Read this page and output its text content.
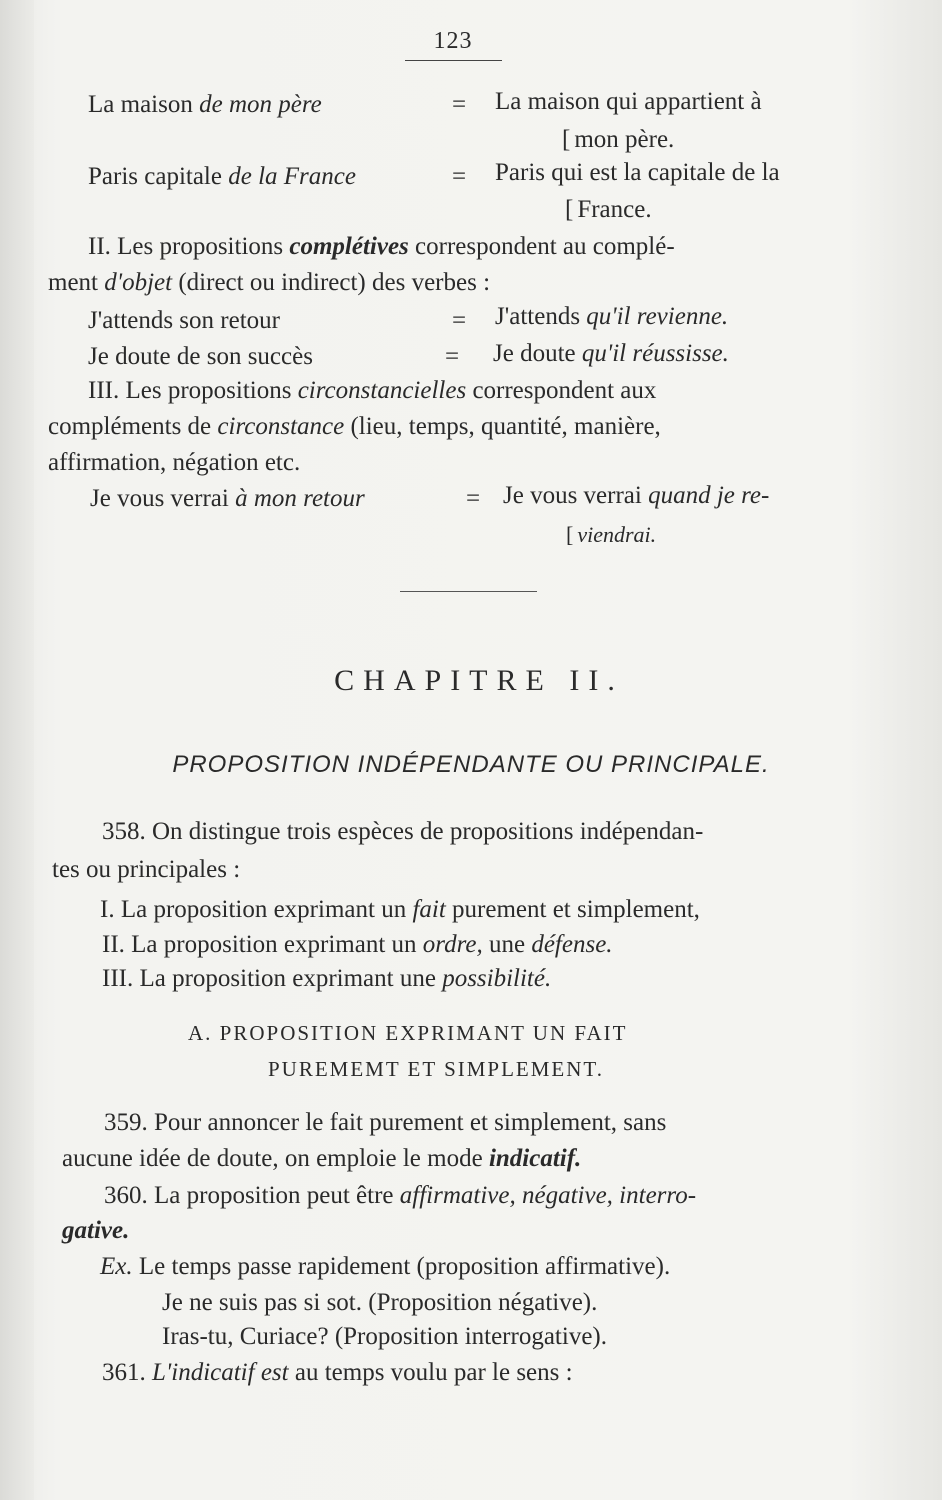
123
La maison de mon père	= La maison qui appartient à
[ mon père.
Paris capitale de la France	= Paris qui est la capitale de la
[ France.
II. Les propositions complétives correspondent au complé-
ment d'objet (direct ou indirect) des verbes :
J'attends son retour	= J'attends qu'il revienne.
Je doute de son succès	= Je doute qu'il réussisse.
III. Les propositions circonstancielles correspondent aux
compléments de circonstance (lieu, temps, quantité, manière,
affirmation, négation etc.
Je vous verrai à mon retour	= Je vous verrai quand je re-
[ viendrai.
CHAPITRE II.
PROPOSITION INDÉPENDANTE OU PRINCIPALE.
358. On distingue trois espèces de propositions indépendan-
tes ou principales :
I. La proposition exprimant un fait purement et simplement,
II. La proposition exprimant un ordre, une défense.
III. La proposition exprimant une possibilité.
A. PROPOSITION EXPRIMANT UN FAIT
PUREMEMT ET SIMPLEMENT.
359. Pour annoncer le fait purement et simplement, sans
aucune idée de doute, on emploie le mode indicatif.
360. La proposition peut être affirmative, négative, interro-
gative.
Ex. Le temps passe rapidement (proposition affirmative).
Je ne suis pas si sot. (Proposition négative).
Iras-tu, Curiace? (Proposition interrogative).
361. L'indicatif est au temps voulu par le sens :
